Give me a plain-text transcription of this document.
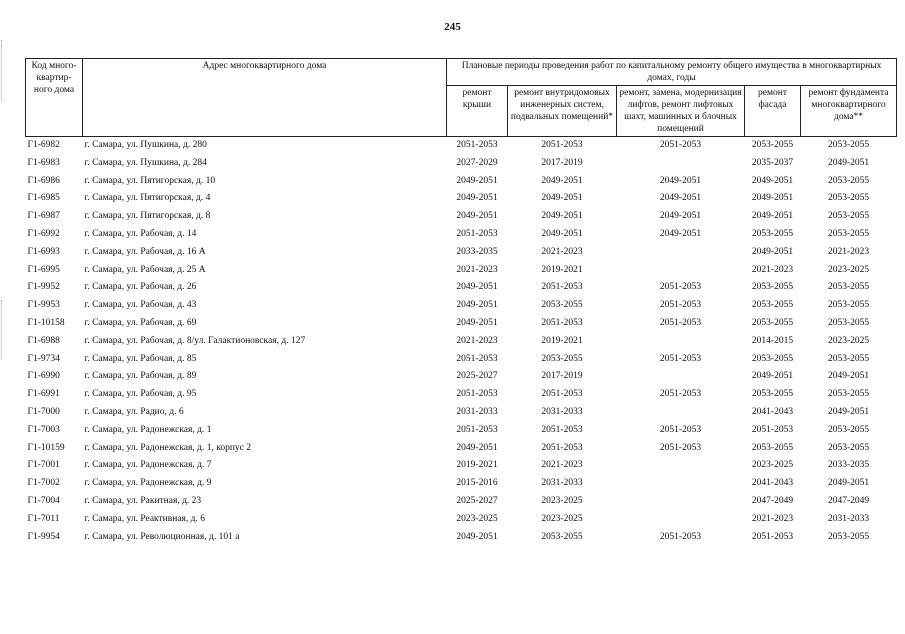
245
Код много-квартир-ного дома	Адрес многоквартирного дома	Плановые периоды проведения работ по капитальному ремонту общего имущества в многоквартирных домах, годы				
		ремонт крыши	ремонт внутридомовых инженерных систем, подвальных помещений*	ремонт, замена, модернизация лифтов, ремонт лифтовых шахт, машинных и блочных помещений	ремонт фасада	ремонт фундамента многоквартирного дома**
Г1-6982	г. Самара, ул. Пушкина, д. 280	2051-2053	2051-2053	2051-2053	2053-2055	2053-2055
Г1-6983	г. Самара, ул. Пушкина, д. 284	2027-2029	2017-2019		2035-2037	2049-2051
Г1-6986	г. Самара, ул. Пятигорская, д. 10	2049-2051	2049-2051	2049-2051	2049-2051	2053-2055
Г1-6985	г. Самара, ул. Пятигорская, д. 4	2049-2051	2049-2051	2049-2051	2049-2051	2053-2055
Г1-6987	г. Самара, ул. Пятигорская, д. 8	2049-2051	2049-2051	2049-2051	2049-2051	2053-2055
Г1-6992	г. Самара, ул. Рабочая, д. 14	2051-2053	2049-2051	2049-2051	2053-2055	2053-2055
Г1-6993	г. Самара, ул. Рабочая, д. 16 А	2033-2035	2021-2023		2049-2051	2021-2023
Г1-6995	г. Самара, ул. Рабочая, д. 25 А	2021-2023	2019-2021		2021-2023	2023-2025
Г1-9952	г. Самара, ул. Рабочая, д. 26	2049-2051	2051-2053	2051-2053	2053-2055	2053-2055
Г1-9953	г. Самара, ул. Рабочая, д. 43	2049-2051	2053-2055	2051-2053	2053-2055	2053-2055
Г1-10158	г. Самара, ул. Рабочая, д. 69	2049-2051	2051-2053	2051-2053	2053-2055	2053-2055
Г1-6988	г. Самара, ул. Рабочая, д. 8/ул. Галактионовская, д. 127	2021-2023	2019-2021		2014-2015	2023-2025
Г1-9734	г. Самара, ул. Рабочая, д. 85	2051-2053	2053-2055	2051-2053	2053-2055	2053-2055
Г1-6990	г. Самара, ул. Рабочая, д. 89	2025-2027	2017-2019		2049-2051	2049-2051
Г1-6991	г. Самара, ул. Рабочая, д. 95	2051-2053	2051-2053	2051-2053	2053-2055	2053-2055
Г1-7000	г. Самара, ул. Радио, д. 6	2031-2033	2031-2033		2041-2043	2049-2051
Г1-7003	г. Самара, ул. Радонежская, д. 1	2051-2053	2051-2053	2051-2053	2051-2053	2053-2055
Г1-10159	г. Самара, ул. Радонежская, д. 1, корпус 2	2049-2051	2051-2053	2051-2053	2053-2055	2053-2055
Г1-7001	г. Самара, ул. Радонежская, д. 7	2019-2021	2021-2023		2023-2025	2033-2035
Г1-7002	г. Самара, ул. Радонежская, д. 9	2015-2016	2031-2033		2041-2043	2049-2051
Г1-7004	г. Самара, ул. Ракитная, д. 23	2025-2027	2023-2025		2047-2049	2047-2049
Г1-7011	г. Самара, ул. Реактивная, д. 6	2023-2025	2023-2025		2021-2023	2031-2033
Г1-9954	г. Самара, ул. Революционная, д. 101 а	2049-2051	2053-2055	2051-2053	2051-2053	2053-2055
